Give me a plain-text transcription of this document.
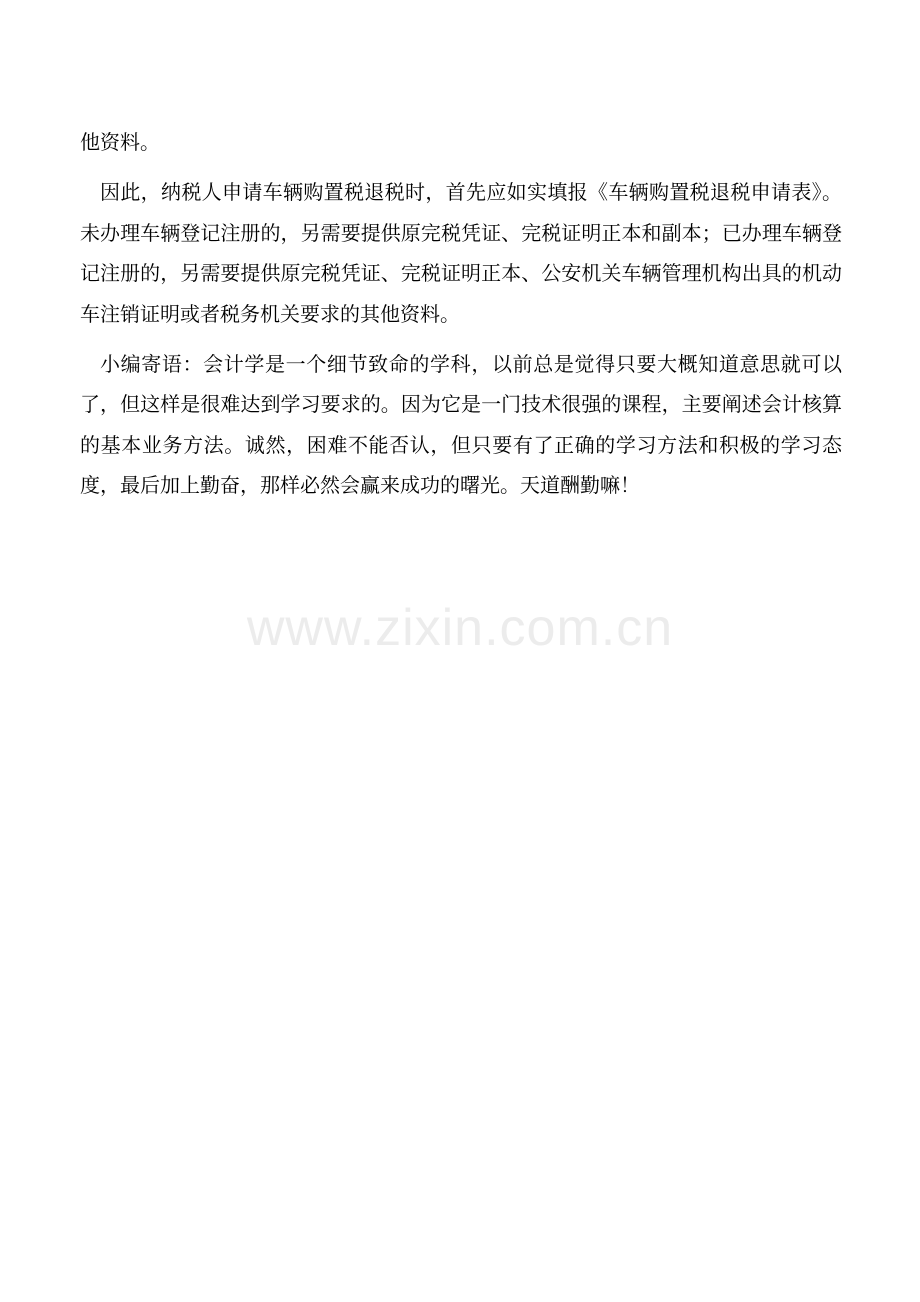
www.zixin.com.cn

他资料。

因此，纳税人申请车辆购置税退税时，首先应如实填报《车辆购置税退税申请表》。未办理车辆登记注册的，另需要提供原完税凭证、完税证明正本和副本；已办理车辆登记注册的，另需要提供原完税凭证、完税证明正本、公安机关车辆管理机构出具的机动车注销证明或者税务机关要求的其他资料。

小编寄语：会计学是一个细节致命的学科，以前总是觉得只要大概知道意思就可以了，但这样是很难达到学习要求的。因为它是一门技术很强的课程，主要阐述会计核算的基本业务方法。诚然，困难不能否认，但只要有了正确的学习方法和积极的学习态度，最后加上勤奋，那样必然会赢来成功的曙光。天道酬勤嘛！
